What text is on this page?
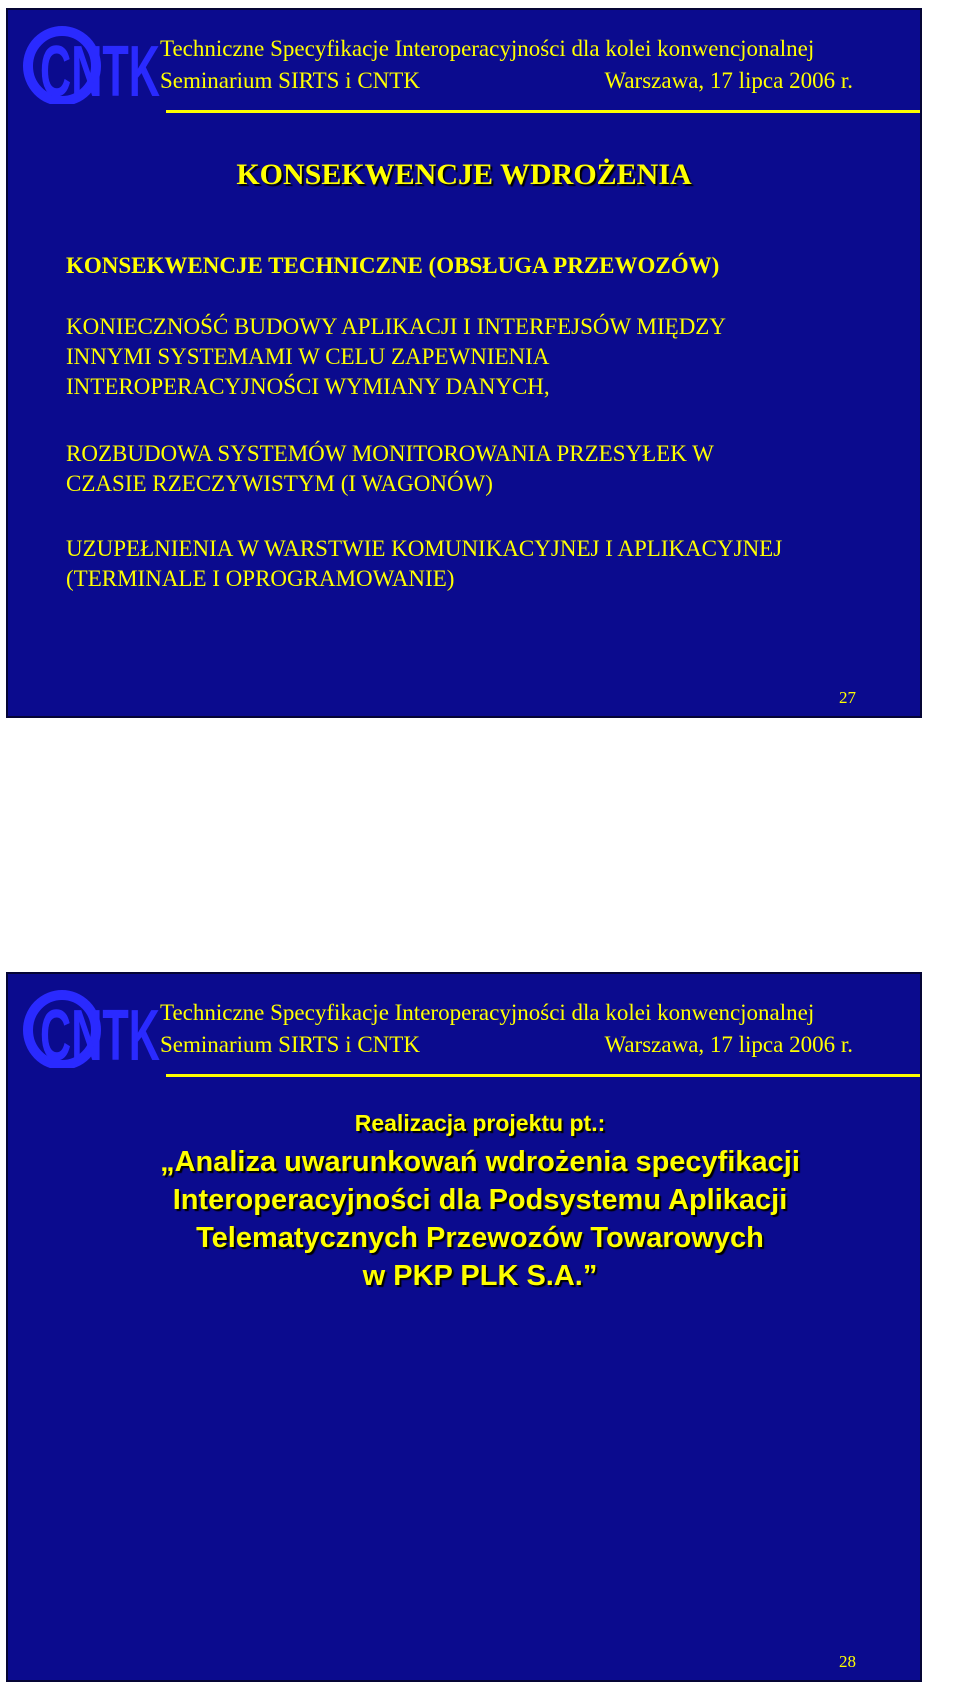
CNTK Techniczne Specyfikacje Interoperacyjności dla kolei konwencjonalnej
Seminarium SIRTS i CNTK	Warszawa, 17 lipca 2006 r.
KONSEKWENCJE WDROŻENIA
KONSEKWENCJE TECHNICZNE (OBSŁUGA PRZEWOZÓW)
KONIECZNOŚĆ BUDOWY APLIKACJI I INTERFEJSÓW MIĘDZY
INNYMI SYSTEMAMI W CELU ZAPEWNIENIA
INTEROPERACYJNOŚCI WYMIANY DANYCH,
ROZBUDOWA SYSTEMÓW MONITOROWANIA PRZESYŁEK W
CZASIE RZECZYWISTYM (I WAGONÓW)
UZUPEŁNIENIA W WARSTWIE KOMUNIKACYJNEJ I APLIKACYJNEJ
(TERMINALE I OPROGRAMOWANIE)
27
CNTK Techniczne Specyfikacje Interoperacyjności dla kolei konwencjonalnej
Seminarium SIRTS i CNTK	Warszawa, 17 lipca 2006 r.
28
Realizacja projektu pt.:
„Analiza uwarunkowań wdrożenia specyfikacji
Interoperacyjności dla Podsystemu Aplikacji
Telematycznych Przewozów Towarowych
w PKP PLK S.A.”
